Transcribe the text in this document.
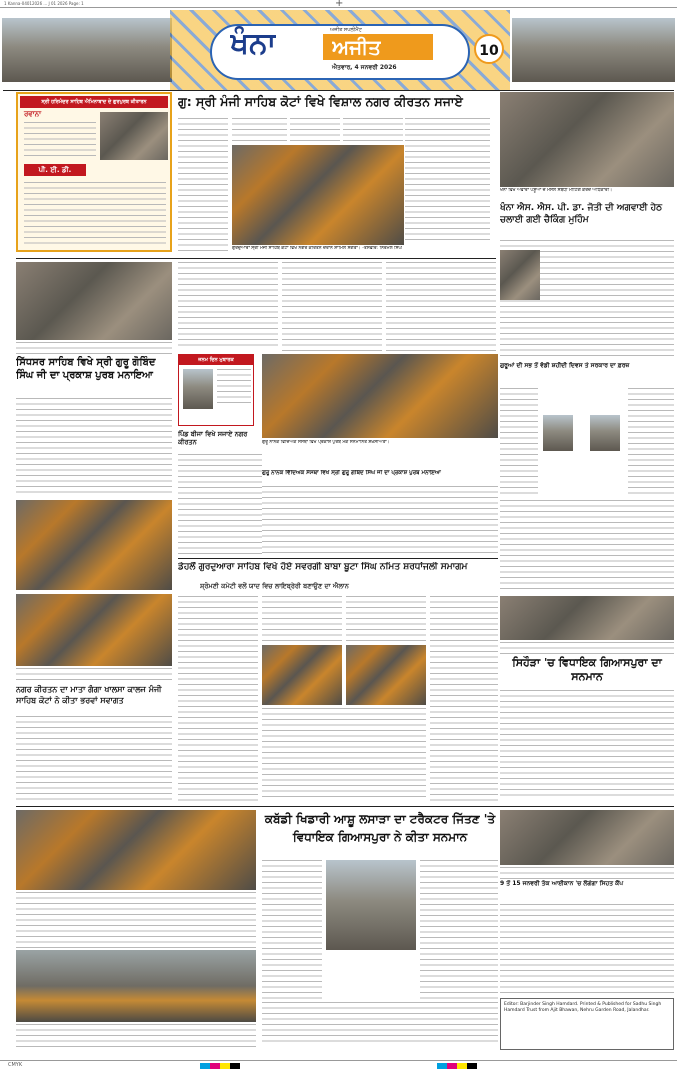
1 Kanna-04012026 ... J 01 2026 Page: 1	+
ਖੰਨਾ	ਅਜੀਤ
ਅਜੀਤ ਸਪਲੀਮੈਂਟ
ਐਤਵਾਰ, 4 ਜਨਵਰੀ 2026
10
ਸ੍ਰੀ ਹਰਿਮੰਦਰ ਸਾਹਿਬ ਐਮਿਨਾਬਾਦ ਦੇ ਗੁਰਪੁਰਬ ਕੀਤਾਰਨ
ਰਵਾਨਾ
ਪੀ. ਈ. ਡੀ.
ਗੁ: ਸ੍ਰੀ ਮੰਜੀ ਸਾਹਿਬ ਕੋਟਾਂ ਵਿਖੇ ਵਿਸ਼ਾਲ ਨਗਰ ਕੀਰਤਨ ਸਜਾਏ
ਗੁਰਦੁਆਰਾ ਸ੍ਰੀ ਮੰਜੀ ਸਾਹਿਬ ਕੋਟਾਂ ਵਿਖੇ ਨਗਰ ਕੀਰਤਨ ਦੌਰਾਨ ਸ਼ਾਮਿਲ ਸੰਗਤਾਂ। -ਤਸਵੀਰ: ਨਿਰਮਲ ਸਿੰਘ
ਖੰਨਾ ਵਿਖੇ ਅਵਾਰਾ ਪਸ਼ੂਆਂ ਦੇ ਮਸਲੇ ਸਬੰਧੀ ਮੀਟਿੰਗ ਕਰਦੇ ਅਧਿਕਾਰੀ।
ਖੰਨਾ ਐਸ. ਐਸ. ਪੀ. ਡਾ. ਜੋਤੀ ਦੀ ਅਗਵਾਈ ਹੇਠ ਚਲਾਈ ਗਈ ਚੈਕਿੰਗ ਮੁਹਿੰਮ
ਸਿੱਧਸਰ ਸਾਹਿਬ ਵਿਖੇ ਸ੍ਰੀ ਗੁਰੂ ਗੋਬਿੰਦ ਸਿੰਘ ਜੀ ਦਾ ਪ੍ਰਕਾਸ਼ ਪੁਰਬ ਮਨਾਇਆ
ਜਨਮ ਦਿਨ ਮੁਬਾਰਕ
ਪਿੰਡ ਬੀਜਾ ਵਿਖੇ ਸਜਾਏ ਨਗਰ ਕੀਰਤਨ	ਗੁਰੂ ਨਾਨਕ ਵਿੱਦਿਅਕ ਸੰਸਥਾ ਵਿਖੇ ਪ੍ਰਕਾਸ਼ ਪੁਰਬ ਮੌਕੇ ਸਨਮਾਨਿਤ ਸ਼ਖ਼ਸੀਅਤਾਂ।
ਗੁਰੂ ਨਾਨਕ ਵਿੱਦਿਅਕ ਸੰਸਥਾ ਵਿਖੇ ਸ੍ਰੀ ਗੁਰੂ ਗੋਬਿੰਦ ਸਿੰਘ ਜੀ ਦਾ ਪ੍ਰਕਾਸ਼ ਪੁਰਬ ਮਨਾਇਆ
ਗੁਰੂਆਂ ਦੀ ਸਭ ਤੋਂ ਵੱਡੀ ਸ਼ਹੀਦੀ ਦਿਵਸ ਤੇ ਸਰਕਾਰ ਦਾ ਫ਼ਰਜ਼
ਡੇਹਲੋਂ ਗੁਰਦੁਆਰਾ ਸਾਹਿਬ ਵਿਖੇ ਹੋਏ ਸਵਰਗੀ ਬਾਬਾ ਬੂਟਾ ਸਿੰਘ ਨਮਿਤ ਸ਼ਰਧਾਂਜਲੀ ਸਮਾਗਮ
ਸ਼੍ਰੋਮਣੀ ਕਮੇਟੀ ਵਲੋਂ ਯਾਦ ਵਿਚ ਲਾਇਬ੍ਰੇਰੀ ਬਣਾਉਣ ਦਾ ਐਲਾਨ
ਨਗਰ ਕੀਰਤਨ ਦਾ ਮਾਤਾ ਗੰਗਾ ਖਾਲਸਾ ਕਾਲਜ ਮੰਜੀ ਸਾਹਿਬ ਕੋਟਾਂ ਨੇ ਕੀਤਾ ਭਰਵਾਂ ਸਵਾਗਤ
ਸਿਹੌੜਾ 'ਚ ਵਿਧਾਇਕ ਗਿਆਸਪੁਰਾ ਦਾ ਸਨਮਾਨ
ਕਬੱਡੀ ਖਿਡਾਰੀ ਆਸ਼ੂ ਲਸਾੜਾ ਦਾ ਟਰੈਕਟਰ ਜਿੱਤਣ 'ਤੇ ਵਿਧਾਇਕ ਗਿਆਸਪੁਰਾ ਨੇ ਕੀਤਾ ਸਨਮਾਨ
9 ਤੋਂ 15 ਜਨਵਰੀ ਤੱਕ ਆਈਕਾਨ 'ਚ ਲੱਗੇਗਾ ਸਿਹਤ ਕੈਂਪ
Editor: Barjinder Singh Hamdard. Printed & Published for Sadhu Singh Hamdard Trust from Ajit Bhawan, Nehru Garden Road, Jalandhar.
CMYK
